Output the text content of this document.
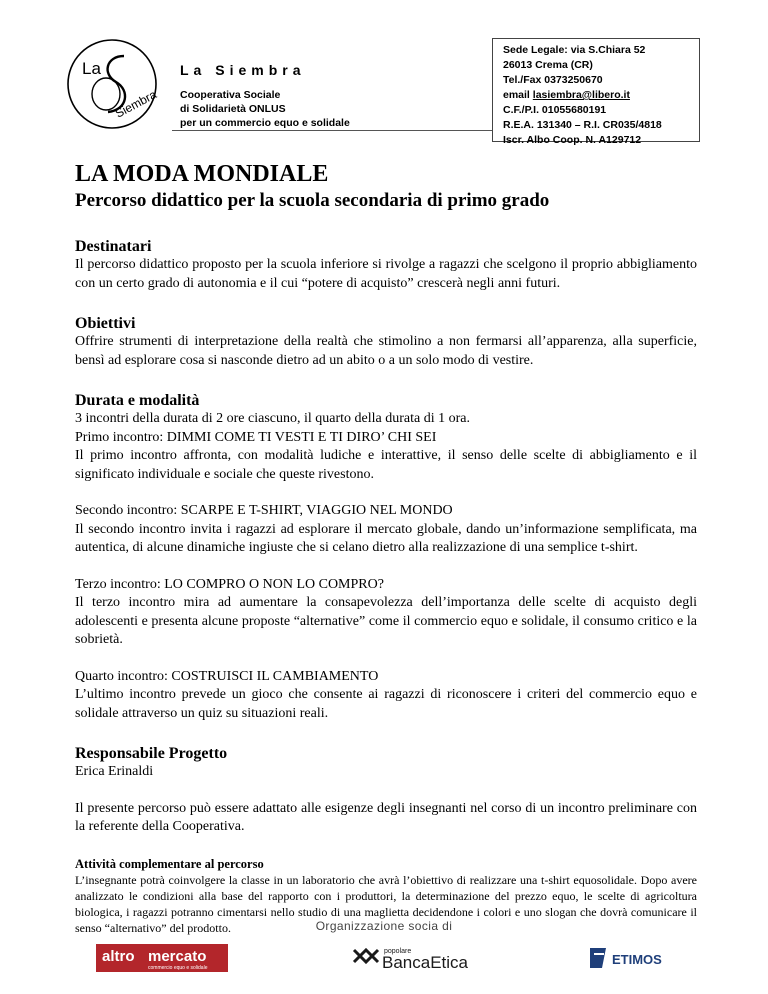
La
Siembra
La Siembra
Cooperativa Sociale
di Solidarietà ONLUS
per un commercio equo e solidale
Sede Legale: via S.Chiara 52
26013 Crema (CR)
Tel./Fax 0373250670
email lasiembra@libero.it
C.F./P.I. 01055680191
R.E.A. 131340 – R.I. CR035/4818
Iscr. Albo Coop. N. A129712
LA MODA MONDIALE
Percorso didattico per la scuola secondaria di primo grado
Destinatari

Il percorso didattico proposto per la scuola inferiore si rivolge a ragazzi che scelgono il proprio abbigliamento con un certo grado di autonomia e il cui “potere di acquisto” crescerà negli anni futuri.

Obiettivi

Offrire strumenti di interpretazione della realtà che stimolino a non fermarsi all’apparenza, alla superficie, bensì ad esplorare cosa si nasconde dietro ad un abito o a un solo modo di vestire.

Durata e modalità

3 incontri della durata di 2 ore ciascuno, il quarto della durata di 1 ora.

Primo incontro: DIMMI COME TI VESTI E TI DIRO’ CHI SEI

Il primo incontro affronta, con modalità ludiche e interattive, il senso delle scelte di abbigliamento e il significato individuale e sociale che queste rivestono.

Secondo incontro: SCARPE E T-SHIRT, VIAGGIO NEL MONDO

Il secondo incontro invita i ragazzi ad esplorare il mercato globale, dando un’informazione semplificata, ma autentica, di alcune dinamiche ingiuste che si celano dietro alla realizzazione di una semplice t-shirt.

Terzo incontro: LO COMPRO O NON LO COMPRO?

Il terzo incontro mira ad aumentare la consapevolezza dell’importanza delle scelte di acquisto degli adolescenti e presenta alcune proposte “alternative” come il commercio equo e solidale, il consumo critico e la sobrietà.

Quarto incontro: COSTRUISCI IL CAMBIAMENTO

L’ultimo incontro prevede un gioco che consente ai ragazzi di riconoscere i criteri del commercio equo e solidale attraverso un quiz su situazioni reali.

Responsabile Progetto

Erica Erinaldi

Il presente percorso può essere adattato alle esigenze degli insegnanti nel corso di un incontro preliminare con la referente della Cooperativa.

Attività complementare al percorso

L’insegnante potrà coinvolgere la classe in un laboratorio che avrà l’obiettivo di realizzare una t-shirt equosolidale. Dopo avere analizzato le condizioni alla base del rapporto con i produttori, la determinazione del prezzo equo, le scelte di agricoltura biologica, i ragazzi potranno cimentarsi nello studio di una maglietta decidendone i colori e uno slogan che dovrà comunicare il senso “alternativo” del prodotto.	Organizzazione socia di
altro mercato
commercio equo e solidale
popolare
BancaEtica	ETIMOS
